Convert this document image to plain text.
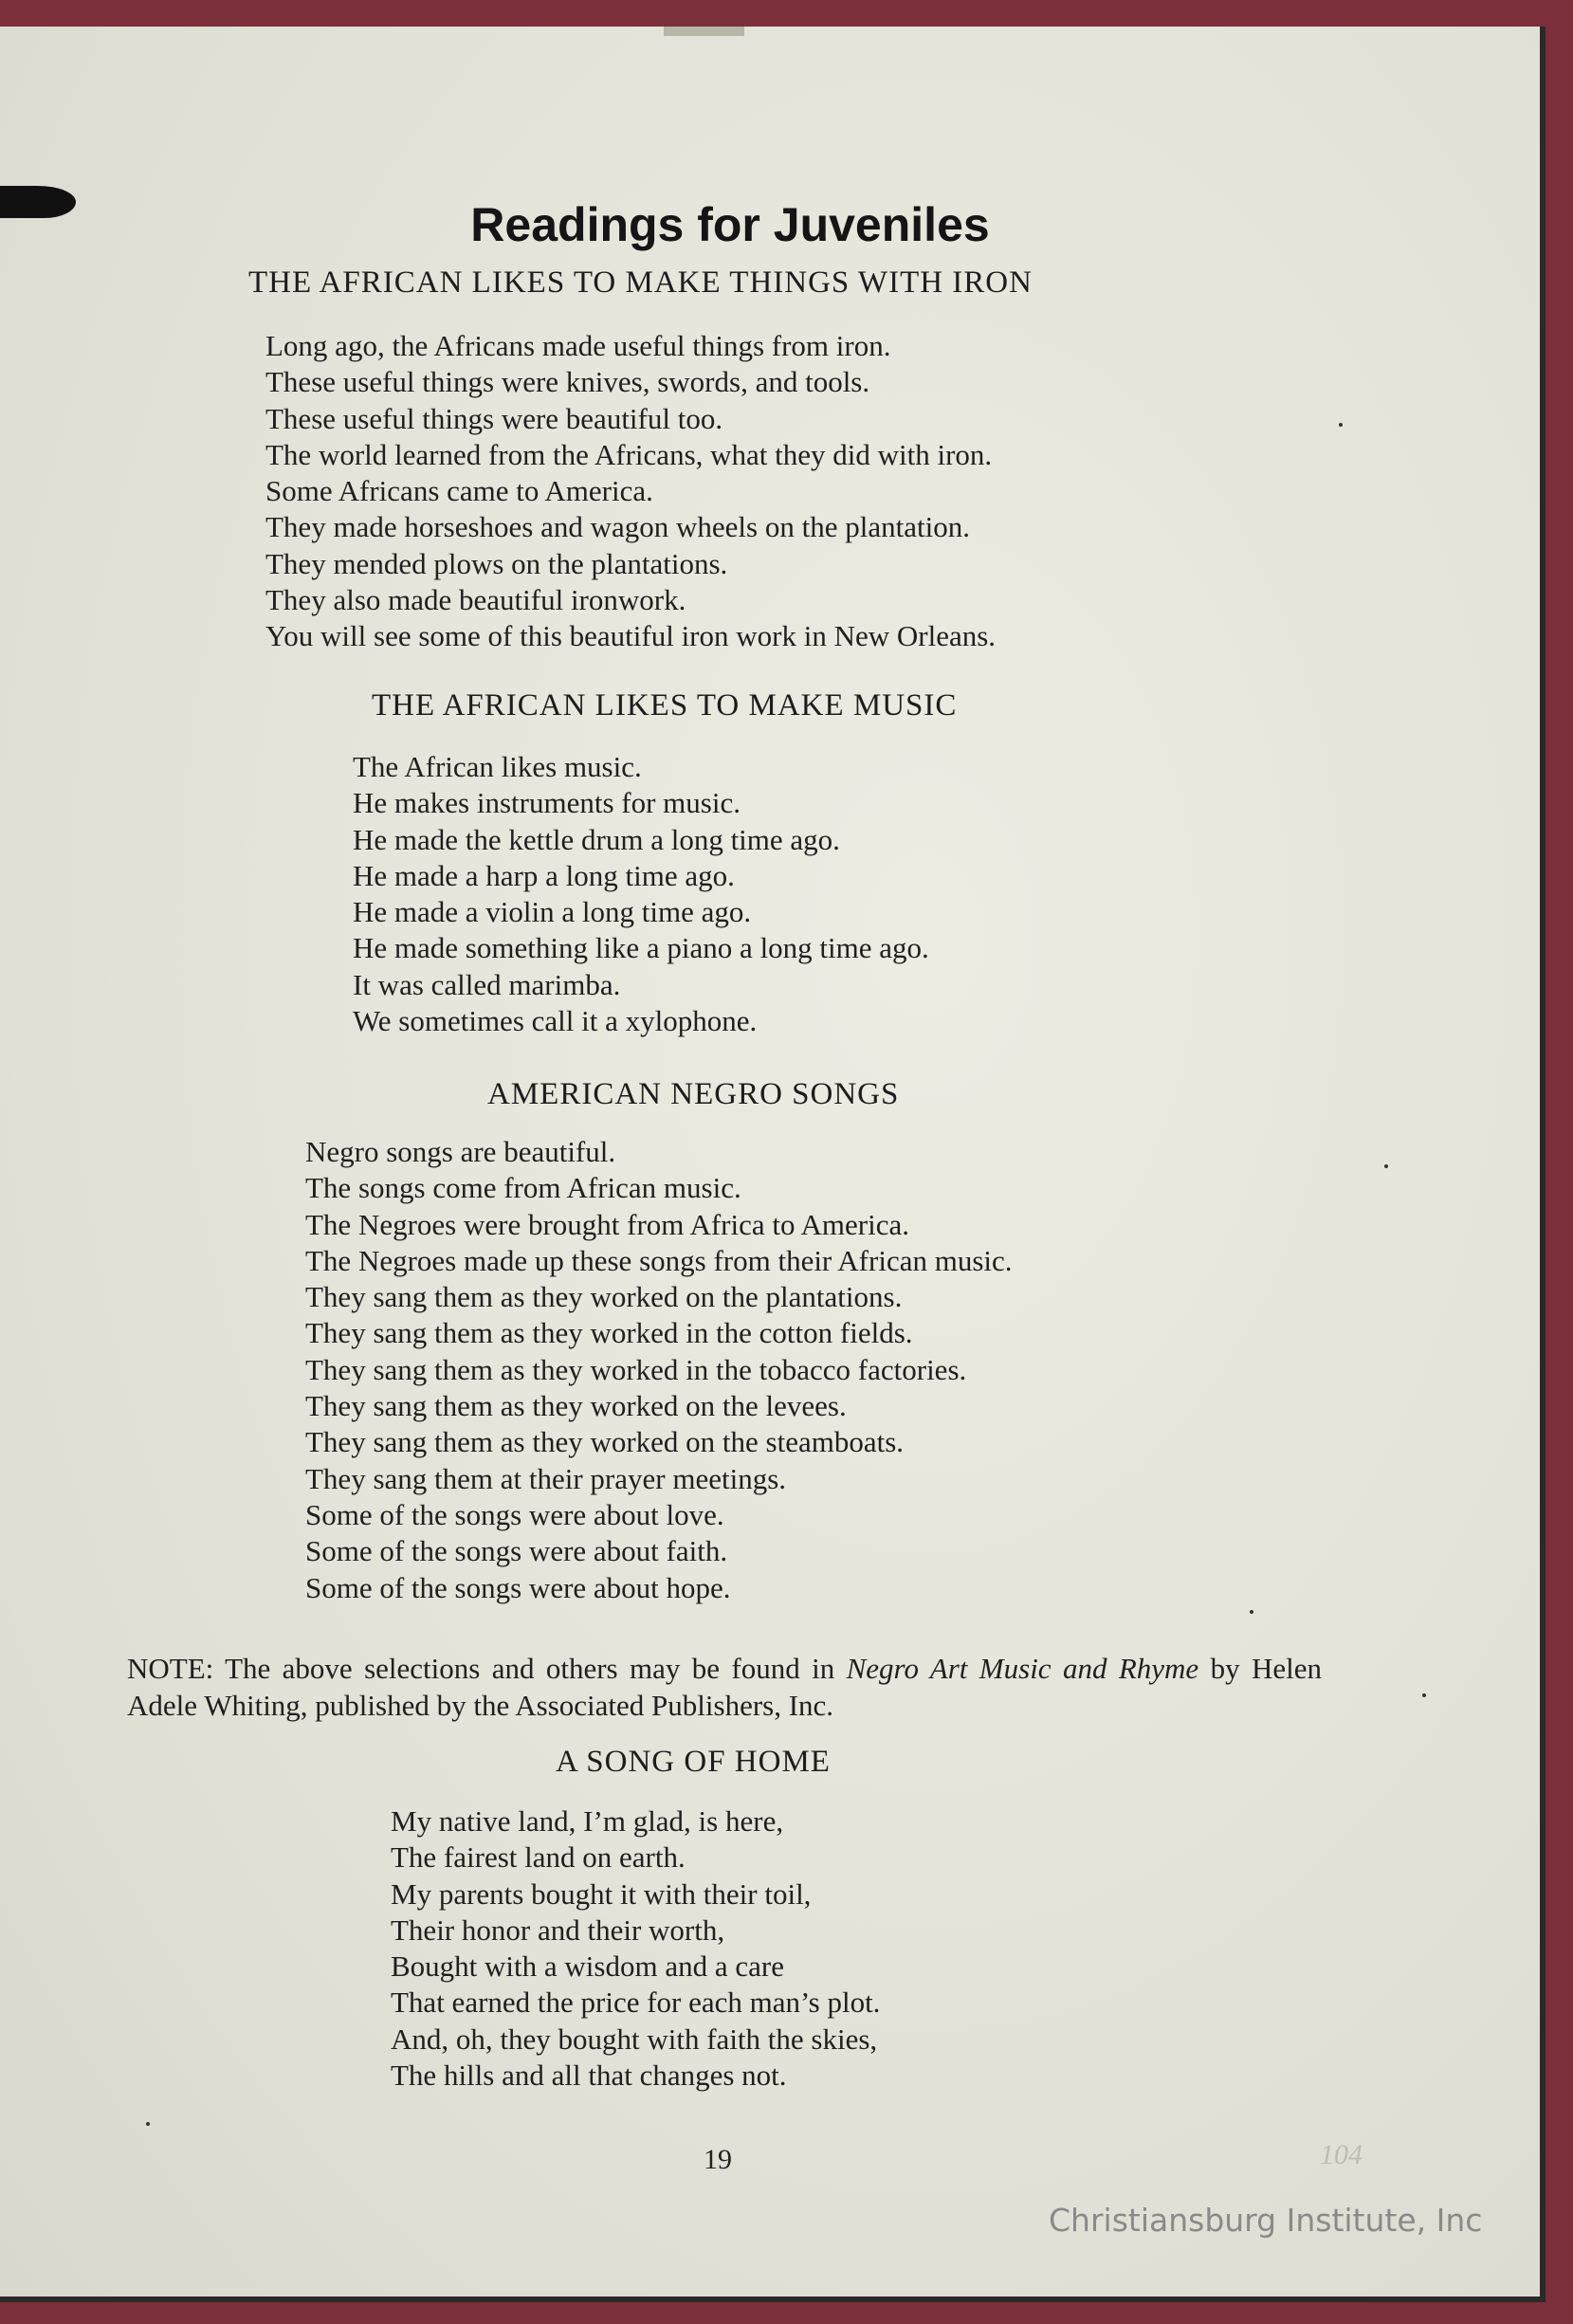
Readings for Juveniles
THE AFRICAN LIKES TO MAKE THINGS WITH IRON
Long ago, the Africans made useful things from iron.
These useful things were knives, swords, and tools.
These useful things were beautiful too.
The world learned from the Africans, what they did with iron.
Some Africans came to America.
They made horseshoes and wagon wheels on the plantation.
They mended plows on the plantations.
They also made beautiful ironwork.
You will see some of this beautiful iron work in New Orleans.
THE AFRICAN LIKES TO MAKE MUSIC
The African likes music.
He makes instruments for music.
He made the kettle drum a long time ago.
He made a harp a long time ago.
He made a violin a long time ago.
He made something like a piano a long time ago.
It was called marimba.
We sometimes call it a xylophone.
AMERICAN NEGRO SONGS
Negro songs are beautiful.
The songs come from African music.
The Negroes were brought from Africa to America.
The Negroes made up these songs from their African music.
They sang them as they worked on the plantations.
They sang them as they worked in the cotton fields.
They sang them as they worked in the tobacco factories.
They sang them as they worked on the levees.
They sang them as they worked on the steamboats.
They sang them at their prayer meetings.
Some of the songs were about love.
Some of the songs were about faith.
Some of the songs were about hope.

NOTE: The above selections and others may be found in Negro Art Music and Rhyme by Helen Adele Whiting, published by the Associated Publishers, Inc.

A SONG OF HOME
My native land, I’m glad, is here,
The fairest land on earth.
My parents bought it with their toil,
Their honor and their worth,
Bought with a wisdom and a care
That earned the price for each man’s plot.
And, oh, they bought with faith the skies,
The hills and all that changes not.
19	104
Christiansburg Institute, Inc
